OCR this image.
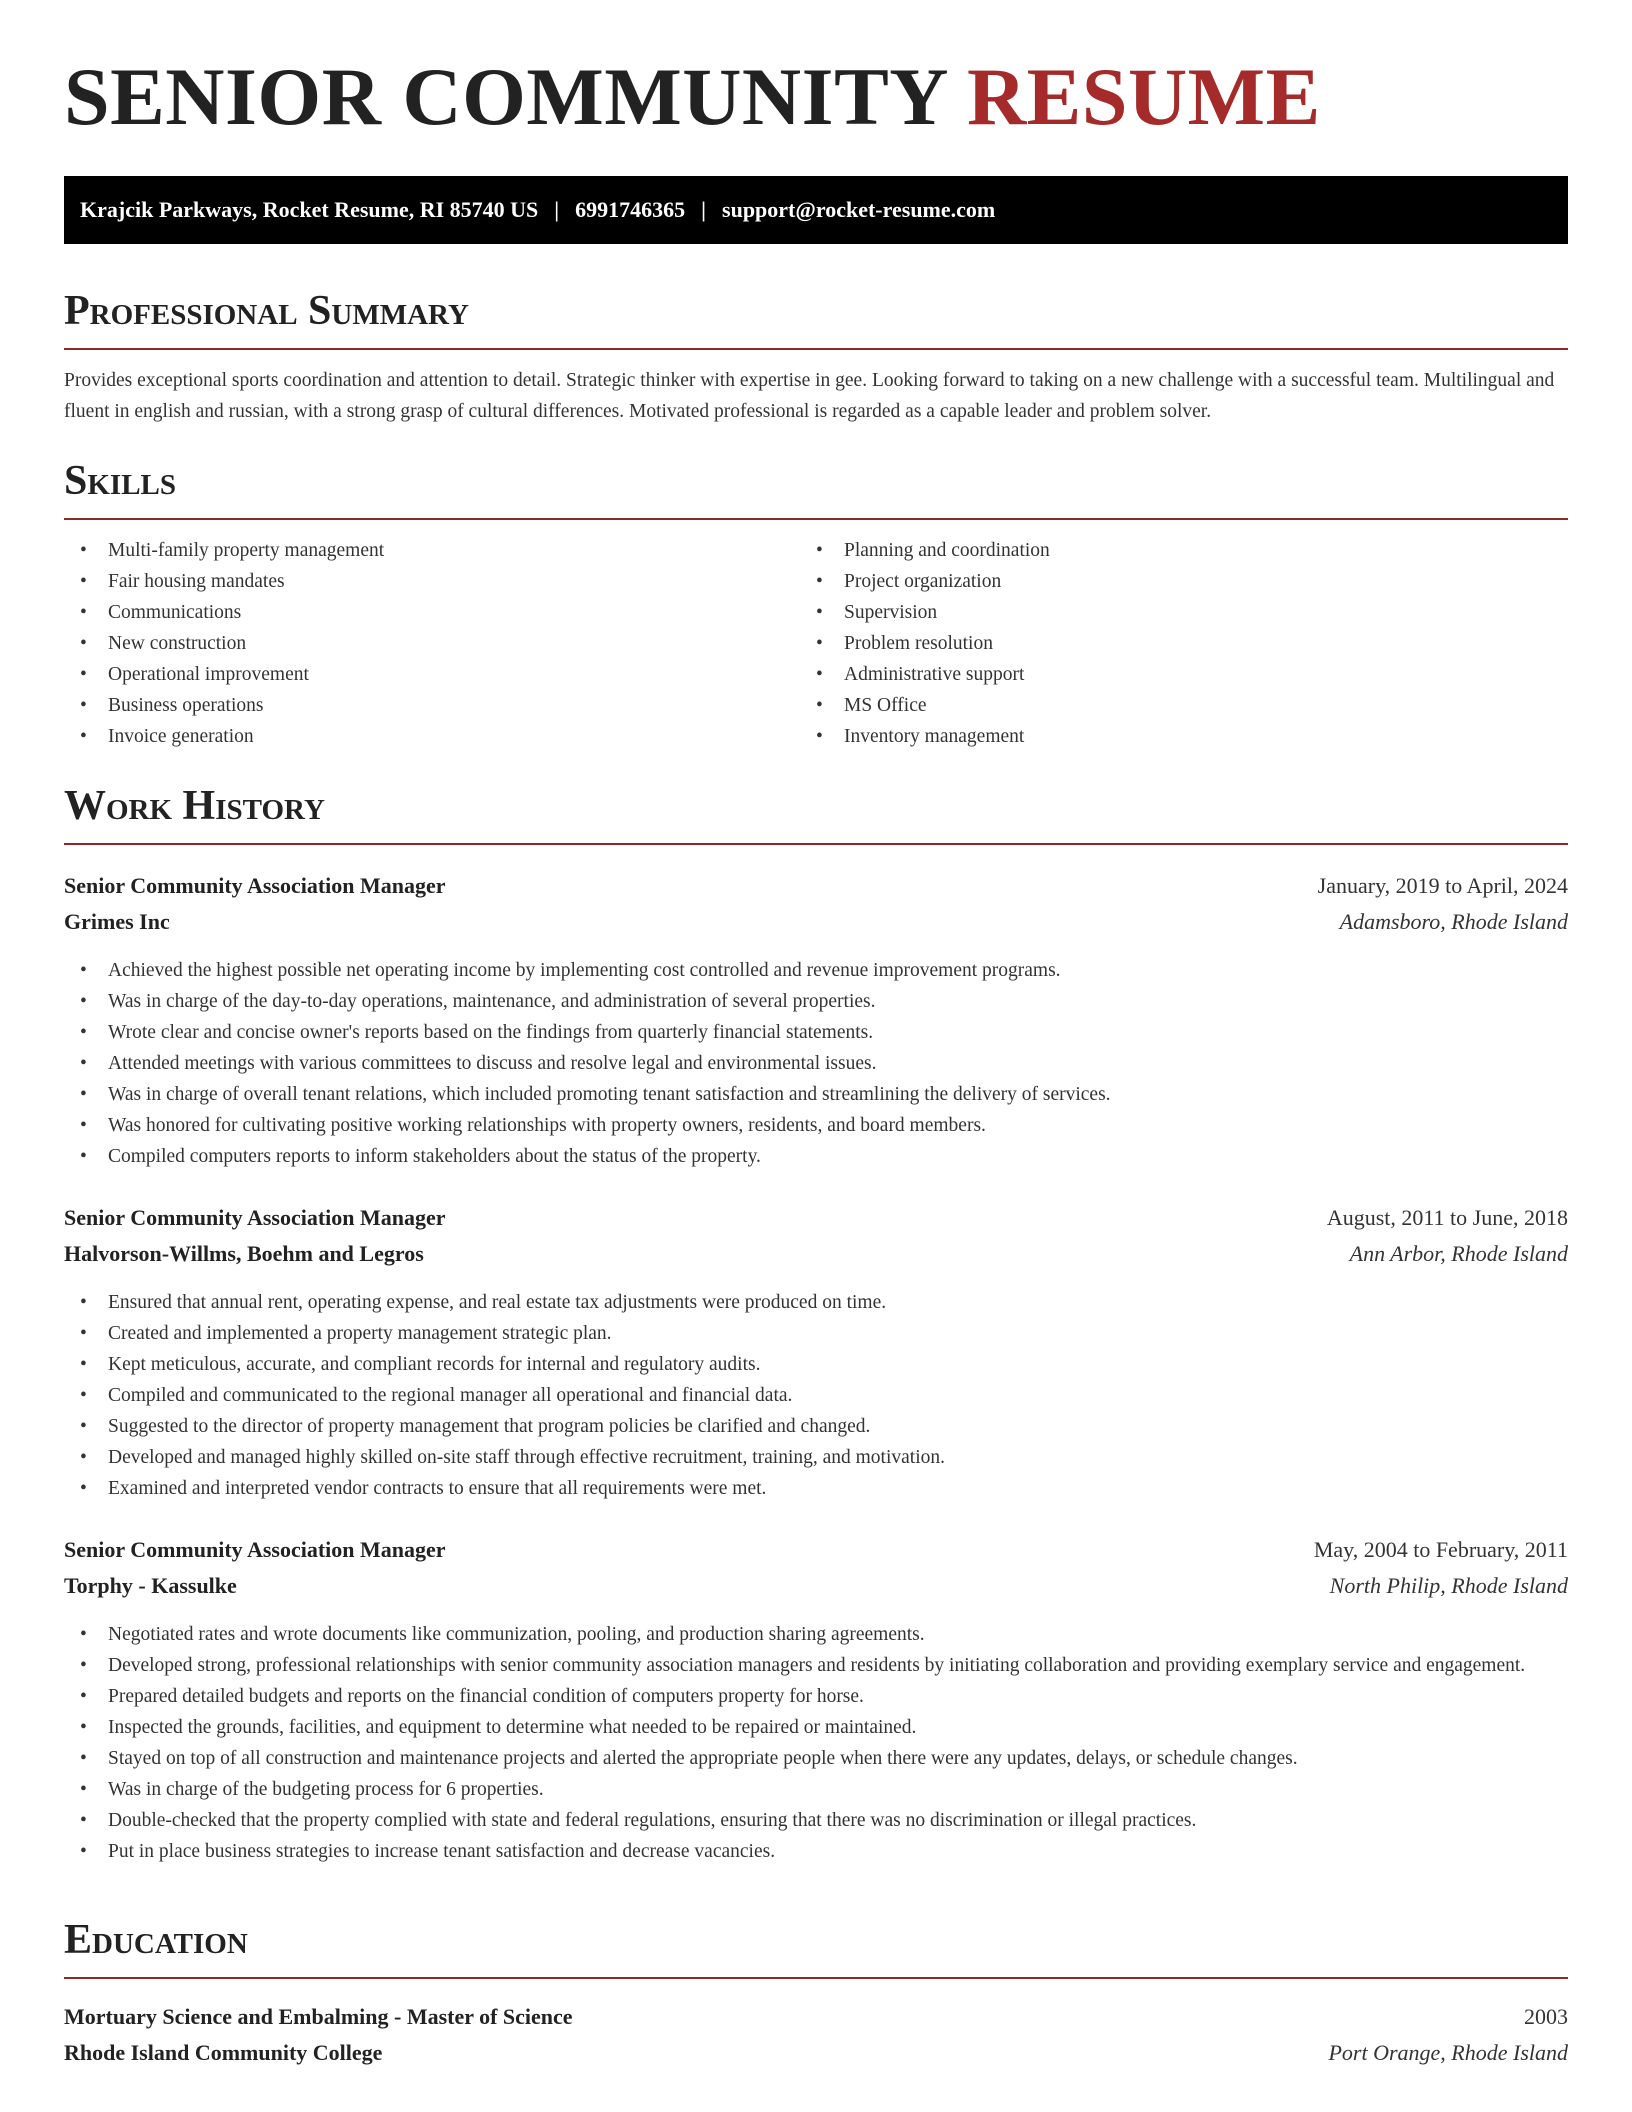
SENIOR COMMUNITY RESUME
Krajcik Parkways, Rocket Resume, RI 85740 US | 6991746365 | support@rocket-resume.com
Professional Summary

Provides exceptional sports coordination and attention to detail. Strategic thinker with expertise in gee. Looking forward to taking on a new challenge with a successful team. Multilingual and fluent in english and russian, with a strong grasp of cultural differences. Motivated professional is regarded as a capable leader and problem solver.

Skills
• Multi-family property management
• Fair housing mandates
• Communications
• New construction
• Operational improvement
• Business operations
• Invoice generation
• Planning and coordination
• Project organization
• Supervision
• Problem resolution
• Administrative support
• MS Office
• Inventory management
Work History
Senior Community Association Manager	January, 2019 to April, 2024
Grimes Inc	Adamsboro, Rhode Island
• Achieved the highest possible net operating income by implementing cost controlled and revenue improvement programs.
• Was in charge of the day-to-day operations, maintenance, and administration of several properties.
• Wrote clear and concise owner's reports based on the findings from quarterly financial statements.
• Attended meetings with various committees to discuss and resolve legal and environmental issues.
• Was in charge of overall tenant relations, which included promoting tenant satisfaction and streamlining the delivery of services.
• Was honored for cultivating positive working relationships with property owners, residents, and board members.
• Compiled computers reports to inform stakeholders about the status of the property.
Senior Community Association Manager	August, 2011 to June, 2018
Halvorson-Willms, Boehm and Legros	Ann Arbor, Rhode Island
• Ensured that annual rent, operating expense, and real estate tax adjustments were produced on time.
• Created and implemented a property management strategic plan.
• Kept meticulous, accurate, and compliant records for internal and regulatory audits.
• Compiled and communicated to the regional manager all operational and financial data.
• Suggested to the director of property management that program policies be clarified and changed.
• Developed and managed highly skilled on-site staff through effective recruitment, training, and motivation.
• Examined and interpreted vendor contracts to ensure that all requirements were met.
Senior Community Association Manager	May, 2004 to February, 2011
Torphy - Kassulke	North Philip, Rhode Island
• Negotiated rates and wrote documents like communization, pooling, and production sharing agreements.
• Developed strong, professional relationships with senior community association managers and residents by initiating collaboration and providing exemplary service and engagement.
• Prepared detailed budgets and reports on the financial condition of computers property for horse.
• Inspected the grounds, facilities, and equipment to determine what needed to be repaired or maintained.
• Stayed on top of all construction and maintenance projects and alerted the appropriate people when there were any updates, delays, or schedule changes.
• Was in charge of the budgeting process for 6 properties.
• Double-checked that the property complied with state and federal regulations, ensuring that there was no discrimination or illegal practices.
• Put in place business strategies to increase tenant satisfaction and decrease vacancies.
Education
Mortuary Science and Embalming - Master of Science	2003
Rhode Island Community College	Port Orange, Rhode Island
